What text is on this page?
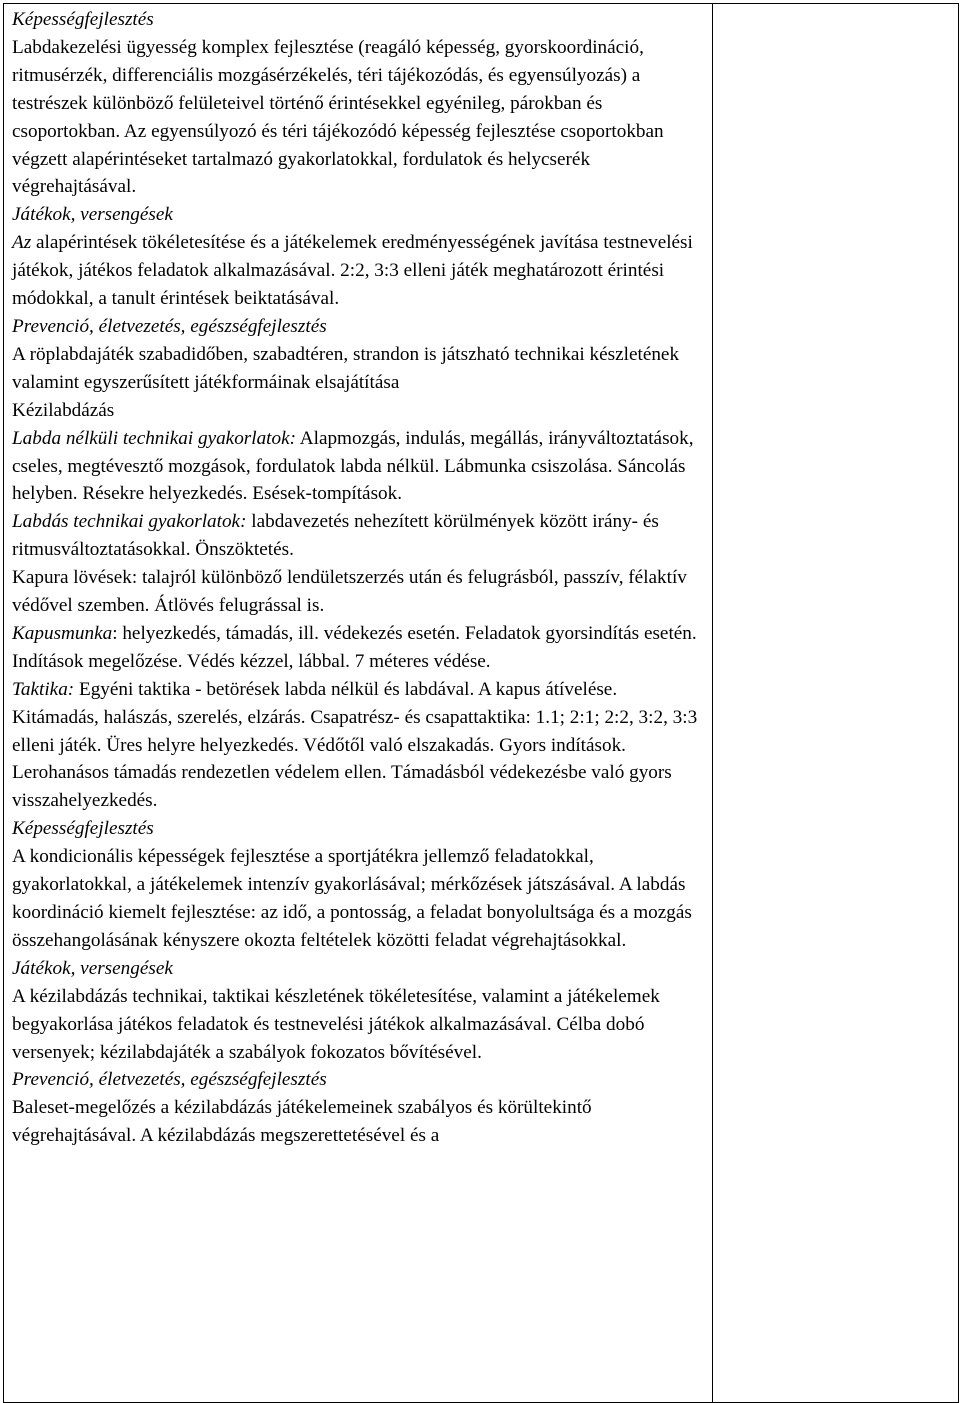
Képességfejlesztés

Labdakezelési ügyesség komplex fejlesztése (reagáló képesség, gyorskoordináció, ritmusérzék, differenciális mozgásérzékelés, téri tájékozódás, és egyensúlyozás) a testrészek különböző felületeivel történő érintésekkel egyénileg, párokban és csoportokban. Az egyensúlyozó és téri tájékozódó képesség fejlesztése csoportokban végzett alapérintéseket tartalmazó gyakorlatokkal, fordulatok és helycserék végrehajtásával.

Játékok, versengések

Az alapérintések tökéletesítése és a játékelemek eredményességének javítása testnevelési játékok, játékos feladatok alkalmazásával. 2:2, 3:3 elleni játék meghatározott érintési módokkal, a tanult érintések beiktatásával.

Prevenció, életvezetés, egészségfejlesztés

A röplabdajáték szabadidőben, szabadtéren, strandon is játszható technikai készletének valamint egyszerűsített játékformáinak elsajátítása

Kézilabdázás

Labda nélküli technikai gyakorlatok: Alapmozgás, indulás, megállás, irányváltoztatások, cseles, megtévesztő mozgások, fordulatok labda nélkül. Lábmunka csiszolása. Sáncolás helyben. Résekre helyezkedés. Esések-tompítások.

Labdás technikai gyakorlatok: labdavezetés nehezített körülmények között irány- és ritmusváltoztatásokkal. Önszöktetés.

Kapura lövések: talajról különböző lendületszerzés után és felugrásból, passzív, félaktív védővel szemben. Átlövés felugrással is.

Kapusmunka: helyezkedés, támadás, ill. védekezés esetén. Feladatok gyorsindítás esetén. Indítások megelőzése. Védés kézzel, lábbal. 7 méteres védése.

Taktika: Egyéni taktika - betörések labda nélkül és labdával. A kapus átívelése. Kitámadás, halászás, szerelés, elzárás. Csapatrész- és csapattaktika: 1.1; 2:1; 2:2, 3:2, 3:3 elleni játék. Üres helyre helyezkedés. Védőtől való elszakadás. Gyors indítások. Lerohanásos támadás rendezetlen védelem ellen. Támadásból védekezésbe való gyors visszahelyezkedés.

Képességfejlesztés

A kondicionális képességek fejlesztése a sportjátékra jellemző feladatokkal, gyakorlatokkal, a játékelemek intenzív gyakorlásával; mérkőzések játszásával. A labdás koordináció kiemelt fejlesztése: az idő, a pontosság, a feladat bonyolultsága és a mozgás összehangolásának kényszere okozta feltételek közötti feladat végrehajtásokkal.

Játékok, versengések

A kézilabdázás technikai, taktikai készletének tökéletesítése, valamint a játékelemek begyakorlása játékos feladatok és testnevelési játékok alkalmazásával. Célba dobó versenyek; kézilabdajáték a szabályok fokozatos bővítésével.

Prevenció, életvezetés, egészségfejlesztés

Baleset-megelőzés a kézilabdázás játékelemeinek szabályos és körültekintő végrehajtásával. A kézilabdázás megszerettetésével és a
